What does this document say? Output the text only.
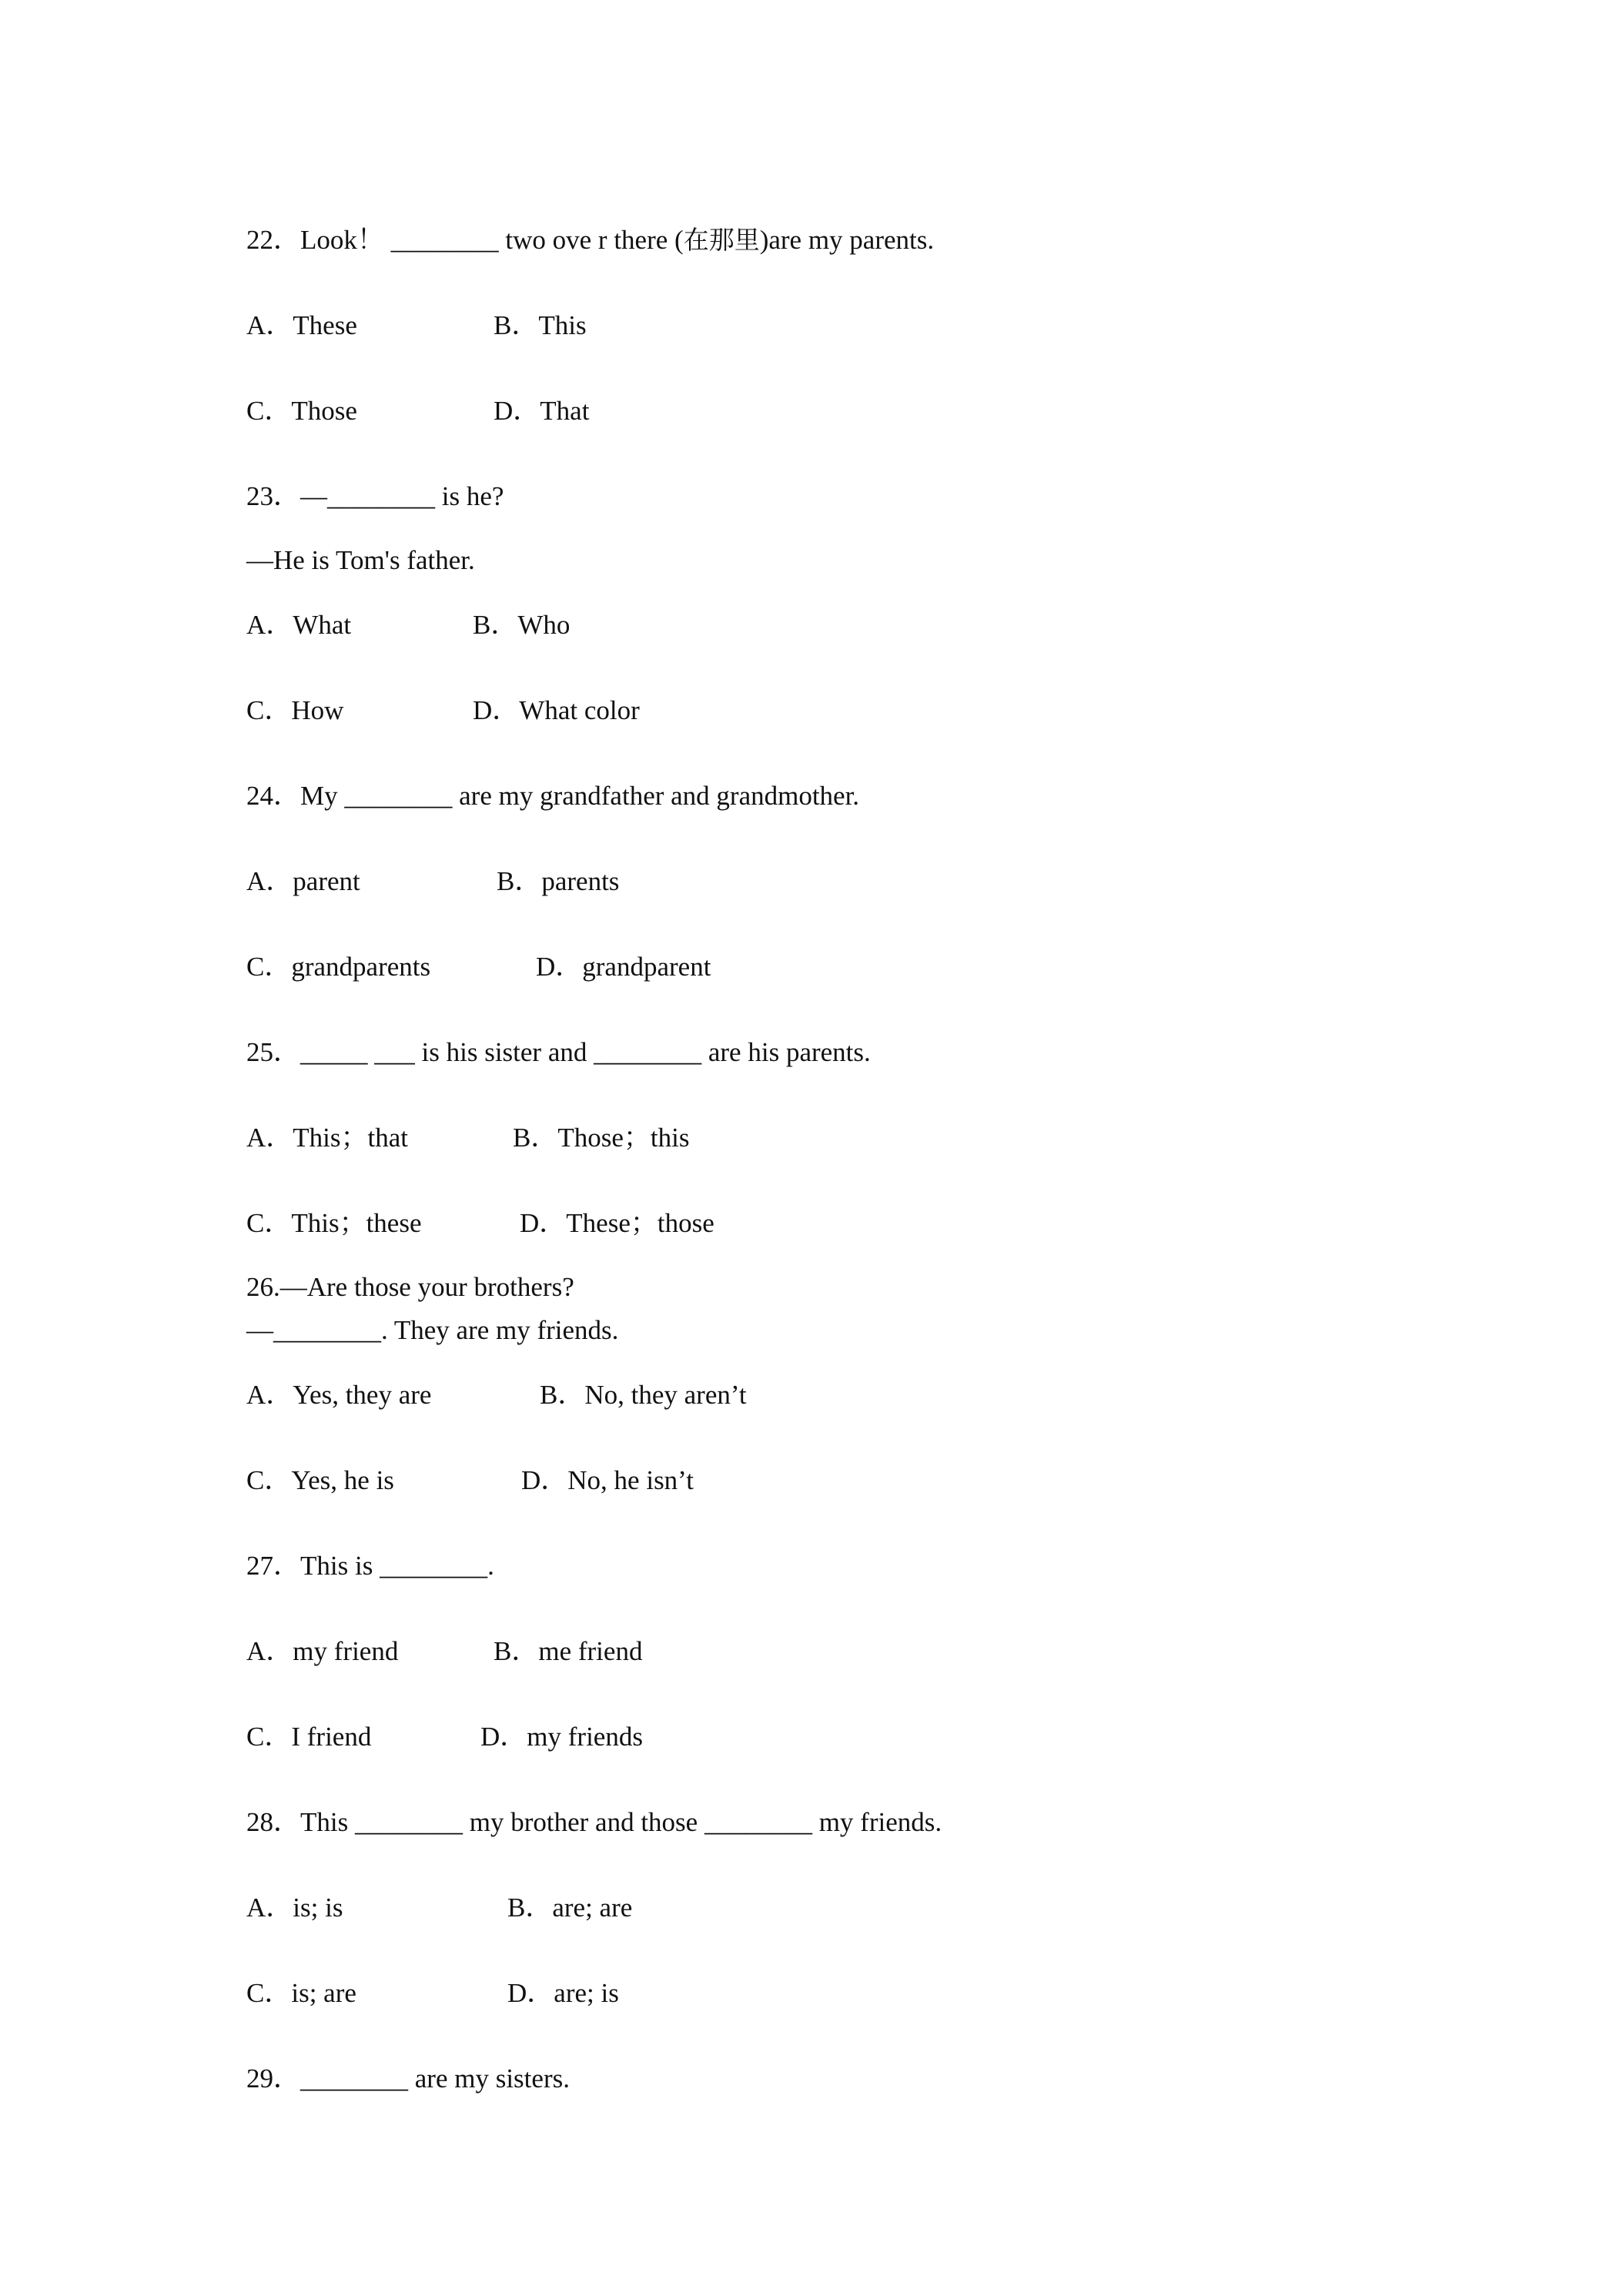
22．Look！ ________ two ove r there (在那里)are my parents.
A．These	B．This
C．Those	D．That
23．—________ is he?
—He is Tom's father.
A．What	B．Who
C．How	D．What color
24．My ________ are my grandfather and grandmother.
A．parent	B．parents
C．grandparents	D．grandparent
25．_____ ___ is his sister and ________ are his parents.
A．This；that	B．Those；this
C．This；these	D．These；those
26.—Are those your brothers?
—________. They are my friends.
A．Yes, they are	B．No, they aren’t
C．Yes, he is	D．No, he isn’t
27．This is ________.
A．my friend	B．me friend
C．I friend	D．my friends
28．This ________ my brother and those ________ my friends.
A．is; is	B．are; are
C．is; are	D．are; is
29．________ are my sisters.
